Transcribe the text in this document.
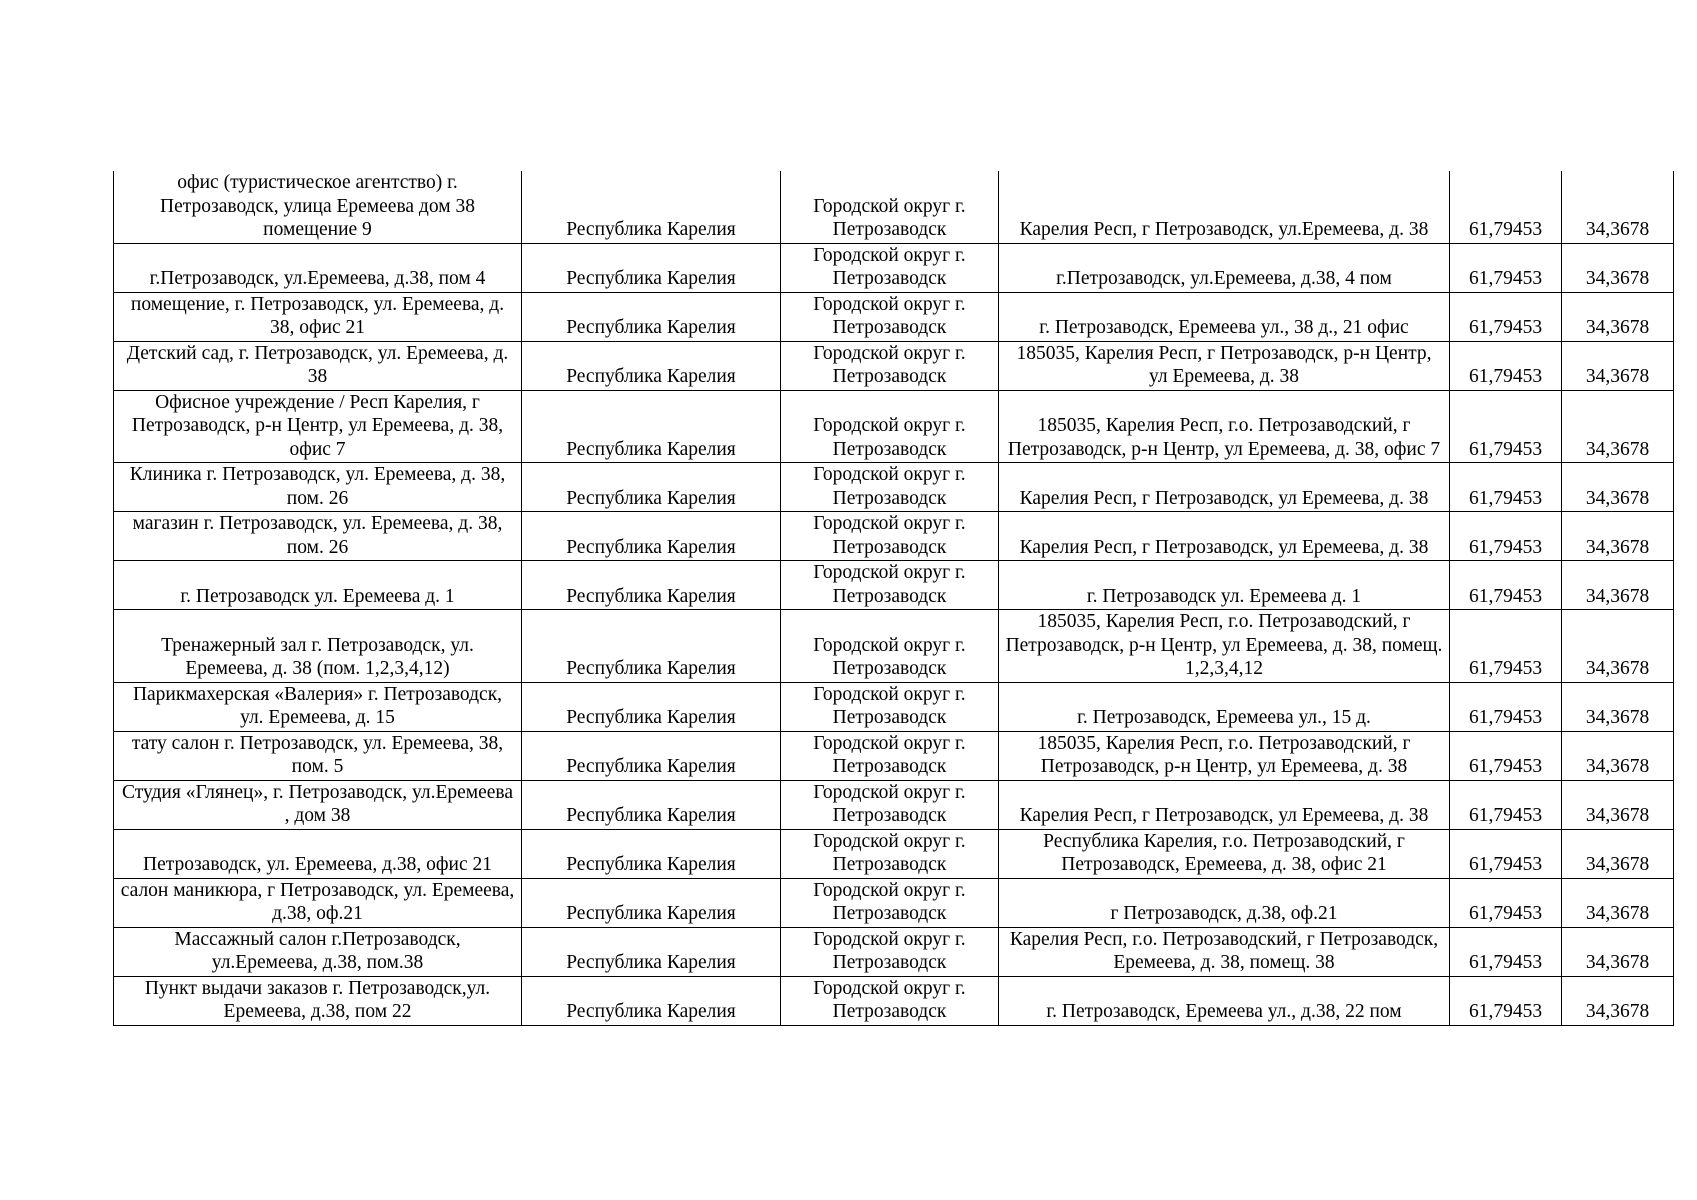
офис (туристическое агентство) г. Петрозаводск, улица Еремеева дом 38 помещение 9	Республика Карелия	Городской округ г. Петрозаводск	Карелия Респ, г Петрозаводск, ул.Еремеева, д. 38	61,79453	34,3678
г.Петрозаводск, ул.Еремеева, д.38, пом 4	Республика Карелия	Городской округ г. Петрозаводск	г.Петрозаводск, ул.Еремеева, д.38, 4 пом	61,79453	34,3678
помещение, г. Петрозаводск, ул. Еремеева, д. 38, офис 21	Республика Карелия	Городской округ г. Петрозаводск	г. Петрозаводск, Еремеева ул., 38 д., 21 офис	61,79453	34,3678
Детский сад, г. Петрозаводск, ул. Еремеева, д. 38	Республика Карелия	Городской округ г. Петрозаводск	185035, Карелия Респ, г Петрозаводск, р-н Центр, ул Еремеева, д. 38	61,79453	34,3678
Офисное учреждение / Респ Карелия, г Петрозаводск, р-н Центр, ул Еремеева, д. 38, офис 7	Республика Карелия	Городской округ г. Петрозаводск	185035, Карелия Респ, г.о. Петрозаводский, г Петрозаводск, р-н Центр, ул Еремеева, д. 38, офис 7	61,79453	34,3678
Клиника г. Петрозаводск, ул. Еремеева, д. 38, пом. 26	Республика Карелия	Городской округ г. Петрозаводск	Карелия Респ, г Петрозаводск, ул Еремеева, д. 38	61,79453	34,3678
магазин г. Петрозаводск, ул. Еремеева, д. 38, пом. 26	Республика Карелия	Городской округ г. Петрозаводск	Карелия Респ, г Петрозаводск, ул Еремеева, д. 38	61,79453	34,3678
г. Петрозаводск ул. Еремеева д. 1	Республика Карелия	Городской округ г. Петрозаводск	г. Петрозаводск ул. Еремеева д. 1	61,79453	34,3678
Тренажерный зал г. Петрозаводск, ул. Еремеева, д. 38 (пом. 1,2,3,4,12)	Республика Карелия	Городской округ г. Петрозаводск	185035, Карелия Респ, г.о. Петрозаводский, г Петрозаводск, р-н Центр, ул Еремеева, д. 38, помещ. 1,2,3,4,12	61,79453	34,3678
Парикмахерская «Валерия» г. Петрозаводск, ул. Еремеева, д. 15	Республика Карелия	Городской округ г. Петрозаводск	г. Петрозаводск, Еремеева ул., 15 д.	61,79453	34,3678
тату салон г. Петрозаводск, ул. Еремеева, 38, пом. 5	Республика Карелия	Городской округ г. Петрозаводск	185035, Карелия Респ, г.о. Петрозаводский, г Петрозаводск, р-н Центр, ул Еремеева, д. 38	61,79453	34,3678
Студия «Глянец», г. Петрозаводск, ул.Еремеева , дом 38	Республика Карелия	Городской округ г. Петрозаводск	Карелия Респ, г Петрозаводск, ул Еремеева, д. 38	61,79453	34,3678
Петрозаводск, ул. Еремеева, д.38, офис 21	Республика Карелия	Городской округ г. Петрозаводск	Республика Карелия, г.о. Петрозаводский, г Петрозаводск, Еремеева, д. 38, офис 21	61,79453	34,3678
салон маникюра, г Петрозаводск, ул. Еремеева, д.38, оф.21	Республика Карелия	Городской округ г. Петрозаводск	г Петрозаводск, д.38, оф.21	61,79453	34,3678
Массажный салон г.Петрозаводск, ул.Еремеева, д.38, пом.38	Республика Карелия	Городской округ г. Петрозаводск	Карелия Респ, г.о. Петрозаводский, г Петрозаводск, Еремеева, д. 38, помещ. 38	61,79453	34,3678
Пункт выдачи заказов г. Петрозаводск,ул. Еремеева, д.38, пом 22	Республика Карелия	Городской округ г. Петрозаводск	г. Петрозаводск, Еремеева ул., д.38, 22 пом	61,79453	34,3678
